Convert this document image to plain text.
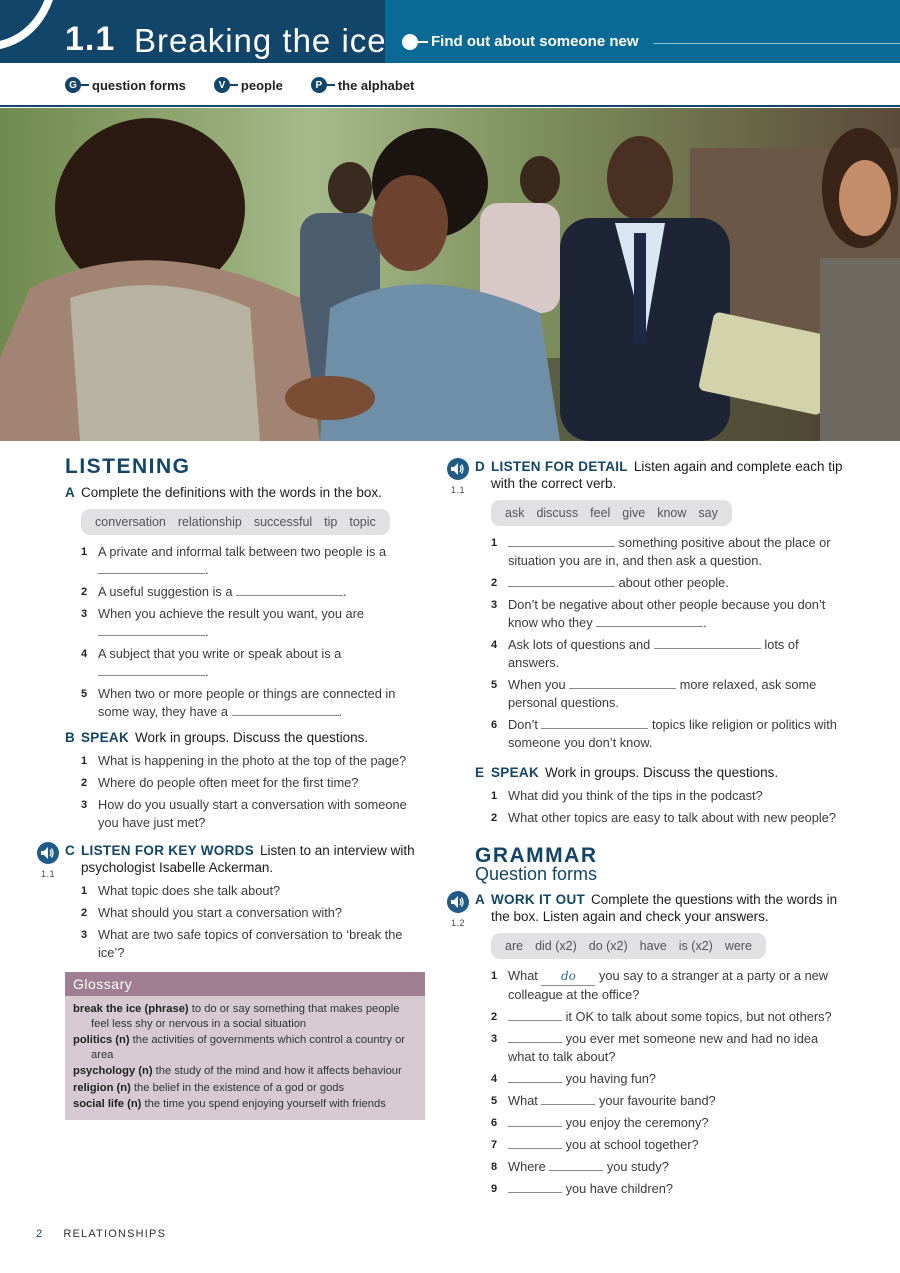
1.1 Breaking the ice	Find out about someone new
G	question forms	V	people	P	the alphabet
LISTENING
A Complete the definitions with the words in the box.
conversation relationship successful tip topic
1 A private and informal talk between two people is a
.
2 A useful suggestion is a	.
3 When you achieve the result you want, you are
.
4 A subject that you write or speak about is a
.
5 When two or more people or things are connected in some way, they have a	.
B SPEAK Work in groups. Discuss the questions.
1 What is happening in the photo at the top of the page?
2 Where do people often meet for the first time?
3 How do you usually start a conversation with someone you have just met?
1.1
C LISTEN FOR KEY WORDS Listen to an interview with psychologist Isabelle Ackerman.
1 What topic does she talk about?
2 What should you start a conversation with?
3 What are two safe topics of conversation to ‘break the ice’?
Glossary
break the ice (phrase) to do or say something that makes people feel less shy or nervous in a social situation
politics (n) the activities of governments which control a country or area
psychology (n) the study of the mind and how it affects behaviour
religion (n) the belief in the existence of a god or gods
social life (n) the time you spend enjoying yourself with friends
1.1
D LISTEN FOR DETAIL Listen again and complete each tip with the correct verb.
ask discuss feel give know say
1	something positive about the place or situation you are in, and then ask a question.
2	about other people.
3 Don’t be negative about other people because you don’t know who they	.
4 Ask lots of questions and	lots of answers.
5 When you	more relaxed, ask some personal questions.
6 Don’t	topics like religion or politics with someone you don’t know.
E SPEAK Work in groups. Discuss the questions.
1 What did you think of the tips in the podcast?
2 What other topics are easy to talk about with new people?
GRAMMAR
Question forms
1.2
A WORK IT OUT Complete the questions with the words in the box. Listen again and check your answers.
are did (x2) do (x2) have is (x2) were
1 What do you say to a stranger at a party or a new colleague at the office?
2	it OK to talk about some topics, but not others?
3	you ever met someone new and had no idea what to talk about?
4	you having fun?
5 What	your favourite band?
6	you enjoy the ceremony?
7	you at school together?
8 Where	you study?
9	you have children?
2 RELATIONSHIPS
